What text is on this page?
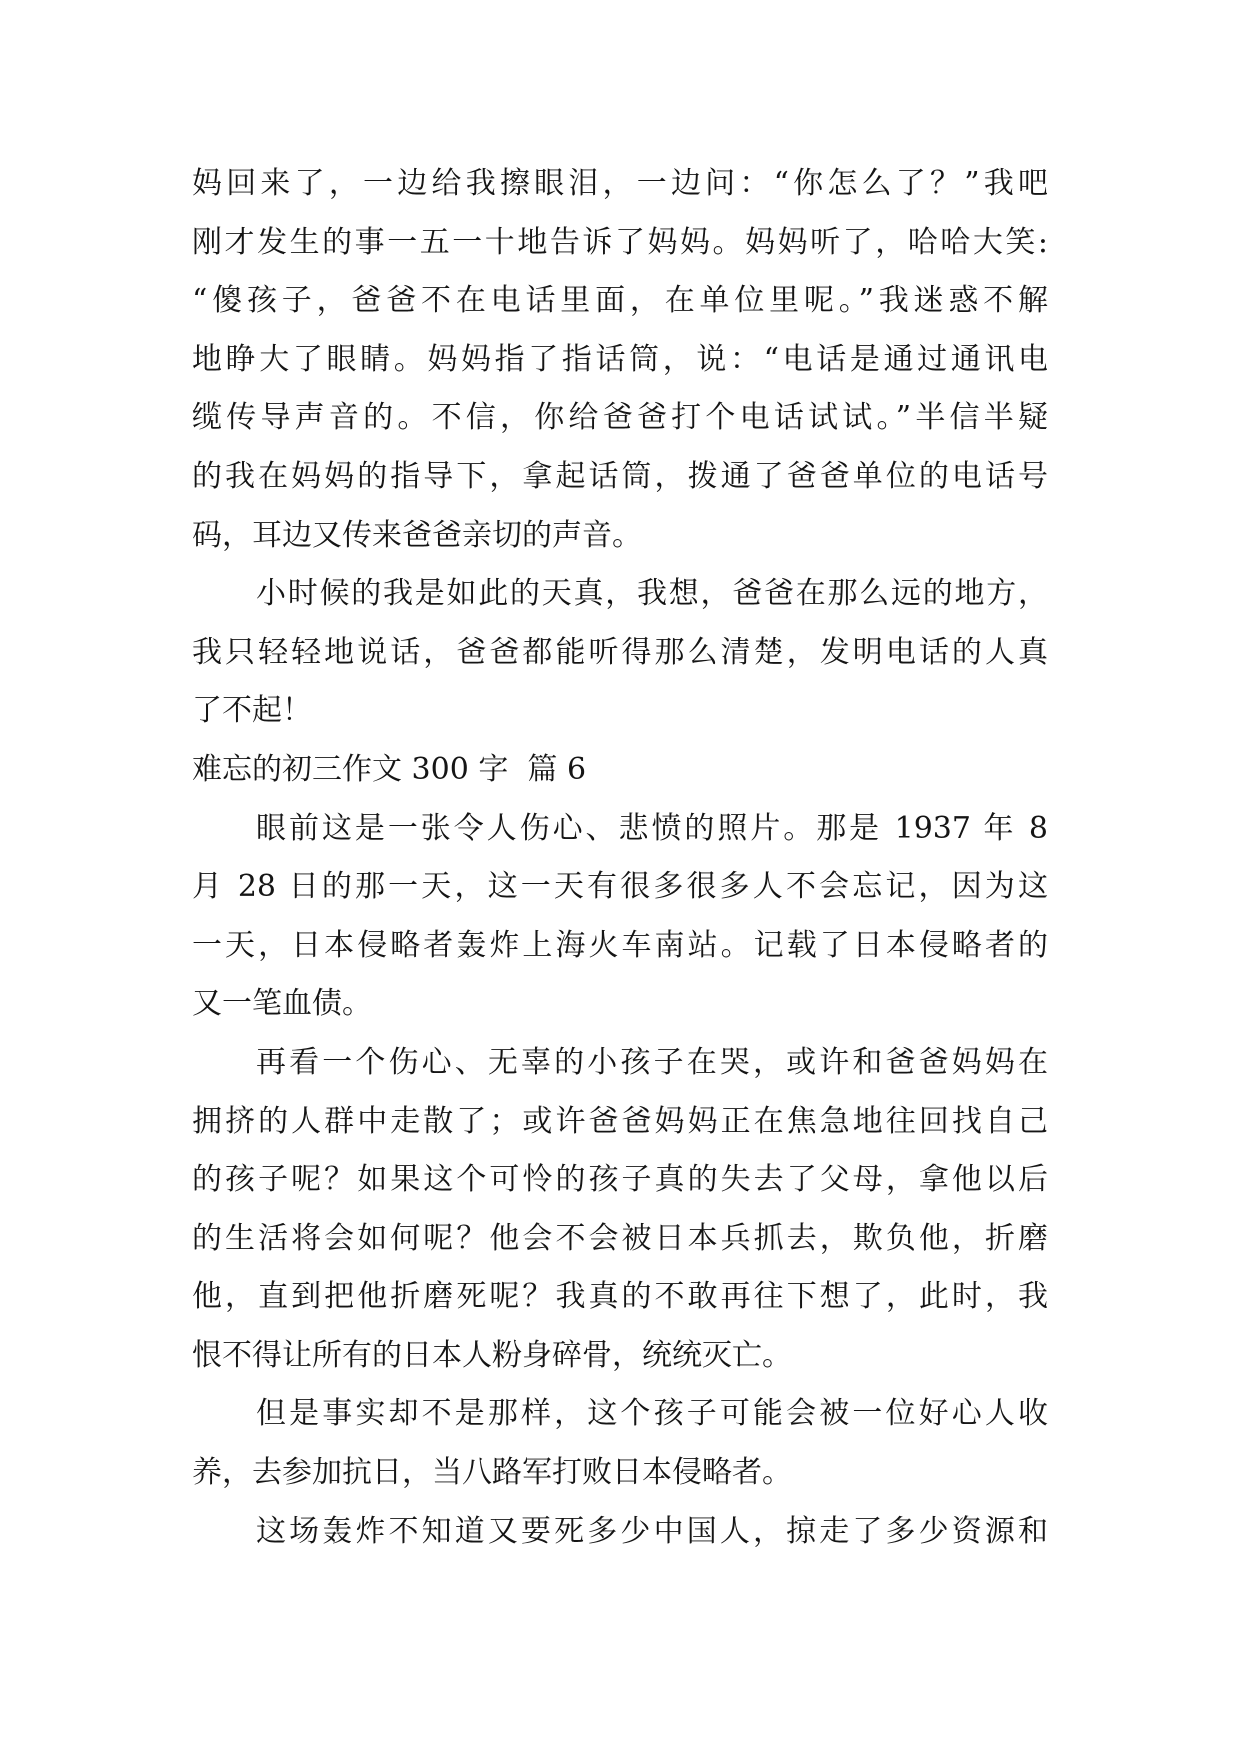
妈回来了，一边给我擦眼泪，一边问：“你怎么了？”我吧
刚才发生的事一五一十地告诉了妈妈。妈妈听了，哈哈大笑:
“傻孩子，爸爸不在电话里面，在单位里呢。”我迷惑不解
地睁大了眼睛。妈妈指了指话筒，说：“电话是通过通讯电
缆传导声音的。不信，你给爸爸打个电话试试。”半信半疑
的我在妈妈的指导下，拿起话筒，拨通了爸爸单位的电话号
码，耳边又传来爸爸亲切的声音。
小时候的我是如此的天真，我想，爸爸在那么远的地方，
我只轻轻地说话，爸爸都能听得那么清楚，发明电话的人真
了不起！
难忘的初三作文 300 字  篇 6
眼前这是一张令人伤心、悲愤的照片。那是 1937 年 8
月 28 日的那一天，这一天有很多很多人不会忘记，因为这
一天，日本侵略者轰炸上海火车南站。记载了日本侵略者的
又一笔血债。
再看一个伤心、无辜的小孩子在哭，或许和爸爸妈妈在
拥挤的人群中走散了；或许爸爸妈妈正在焦急地往回找自己
的孩子呢？如果这个可怜的孩子真的失去了父母，拿他以后
的生活将会如何呢？他会不会被日本兵抓去，欺负他，折磨
他，直到把他折磨死呢？我真的不敢再往下想了，此时，我
恨不得让所有的日本人粉身碎骨，统统灭亡。
但是事实却不是那样，这个孩子可能会被一位好心人收
养，去参加抗日，当八路军打败日本侵略者。
这场轰炸不知道又要死多少中国人，掠走了多少资源和
